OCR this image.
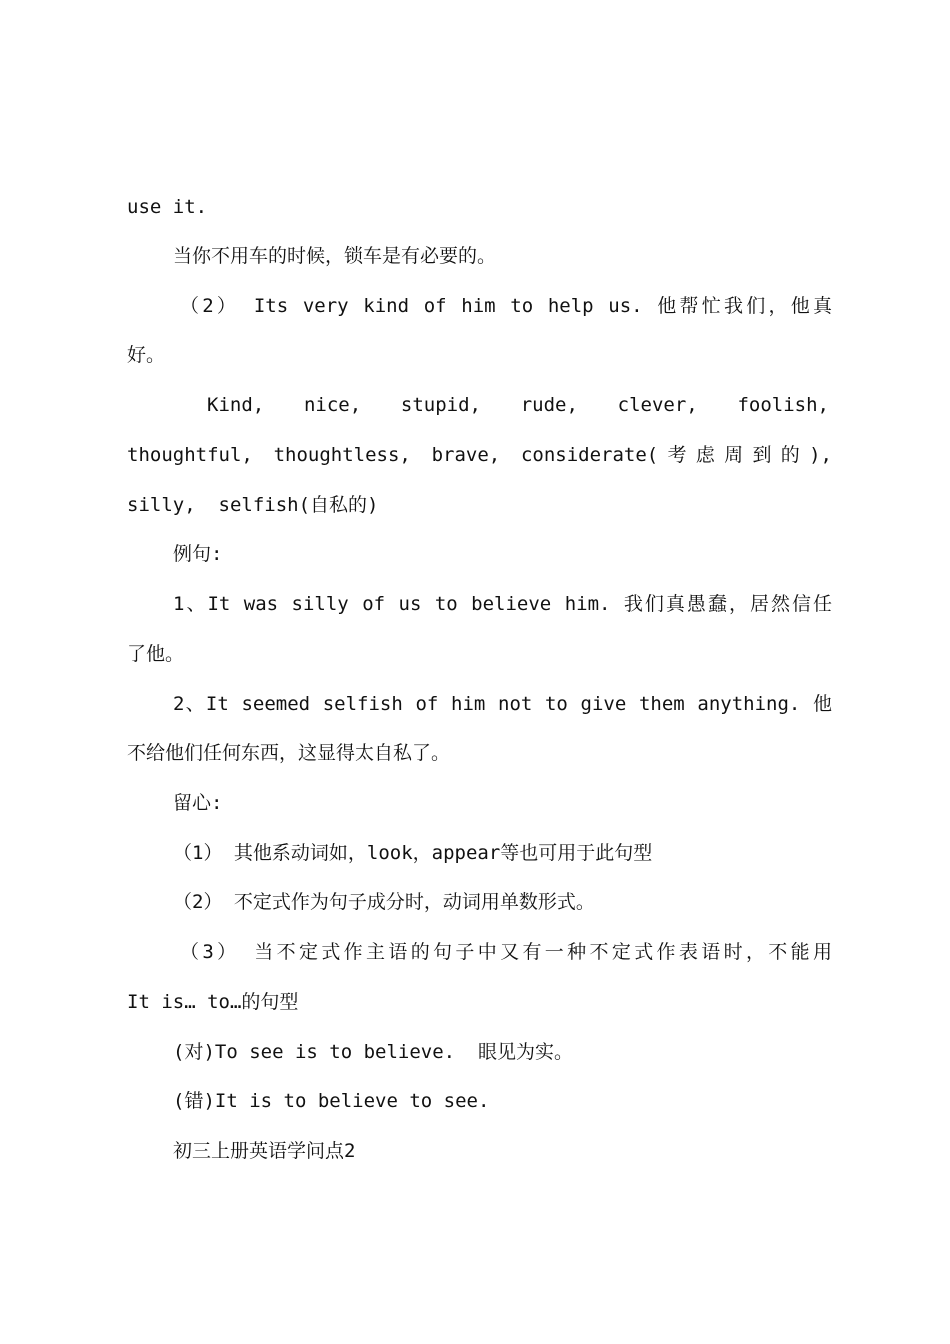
use it.
当你不用车的时候，锁车是有必要的。
（2） Its very kind of him to help us. 他帮忙我们，他真
好。
Kind, nice, stupid, rude, clever, foolish,
thoughtful, thoughtless, brave, considerate(考虑周到的),
silly,  selfish(自私的)
例句:
1、It was silly of us to believe him. 我们真愚蠢，居然信任
了他。
2、It seemed selfish of him not to give them anything. 他
不给他们任何东西，这显得太自私了。
留心:
（1） 其他系动词如，look，appear等也可用于此句型
（2） 不定式作为句子成分时，动词用单数形式。
（3） 当不定式作主语的句子中又有一种不定式作表语时，不能用
It is… to…的句型
(对)To see is to believe.  眼见为实。
(错)It is to believe to see.
初三上册英语学问点2
